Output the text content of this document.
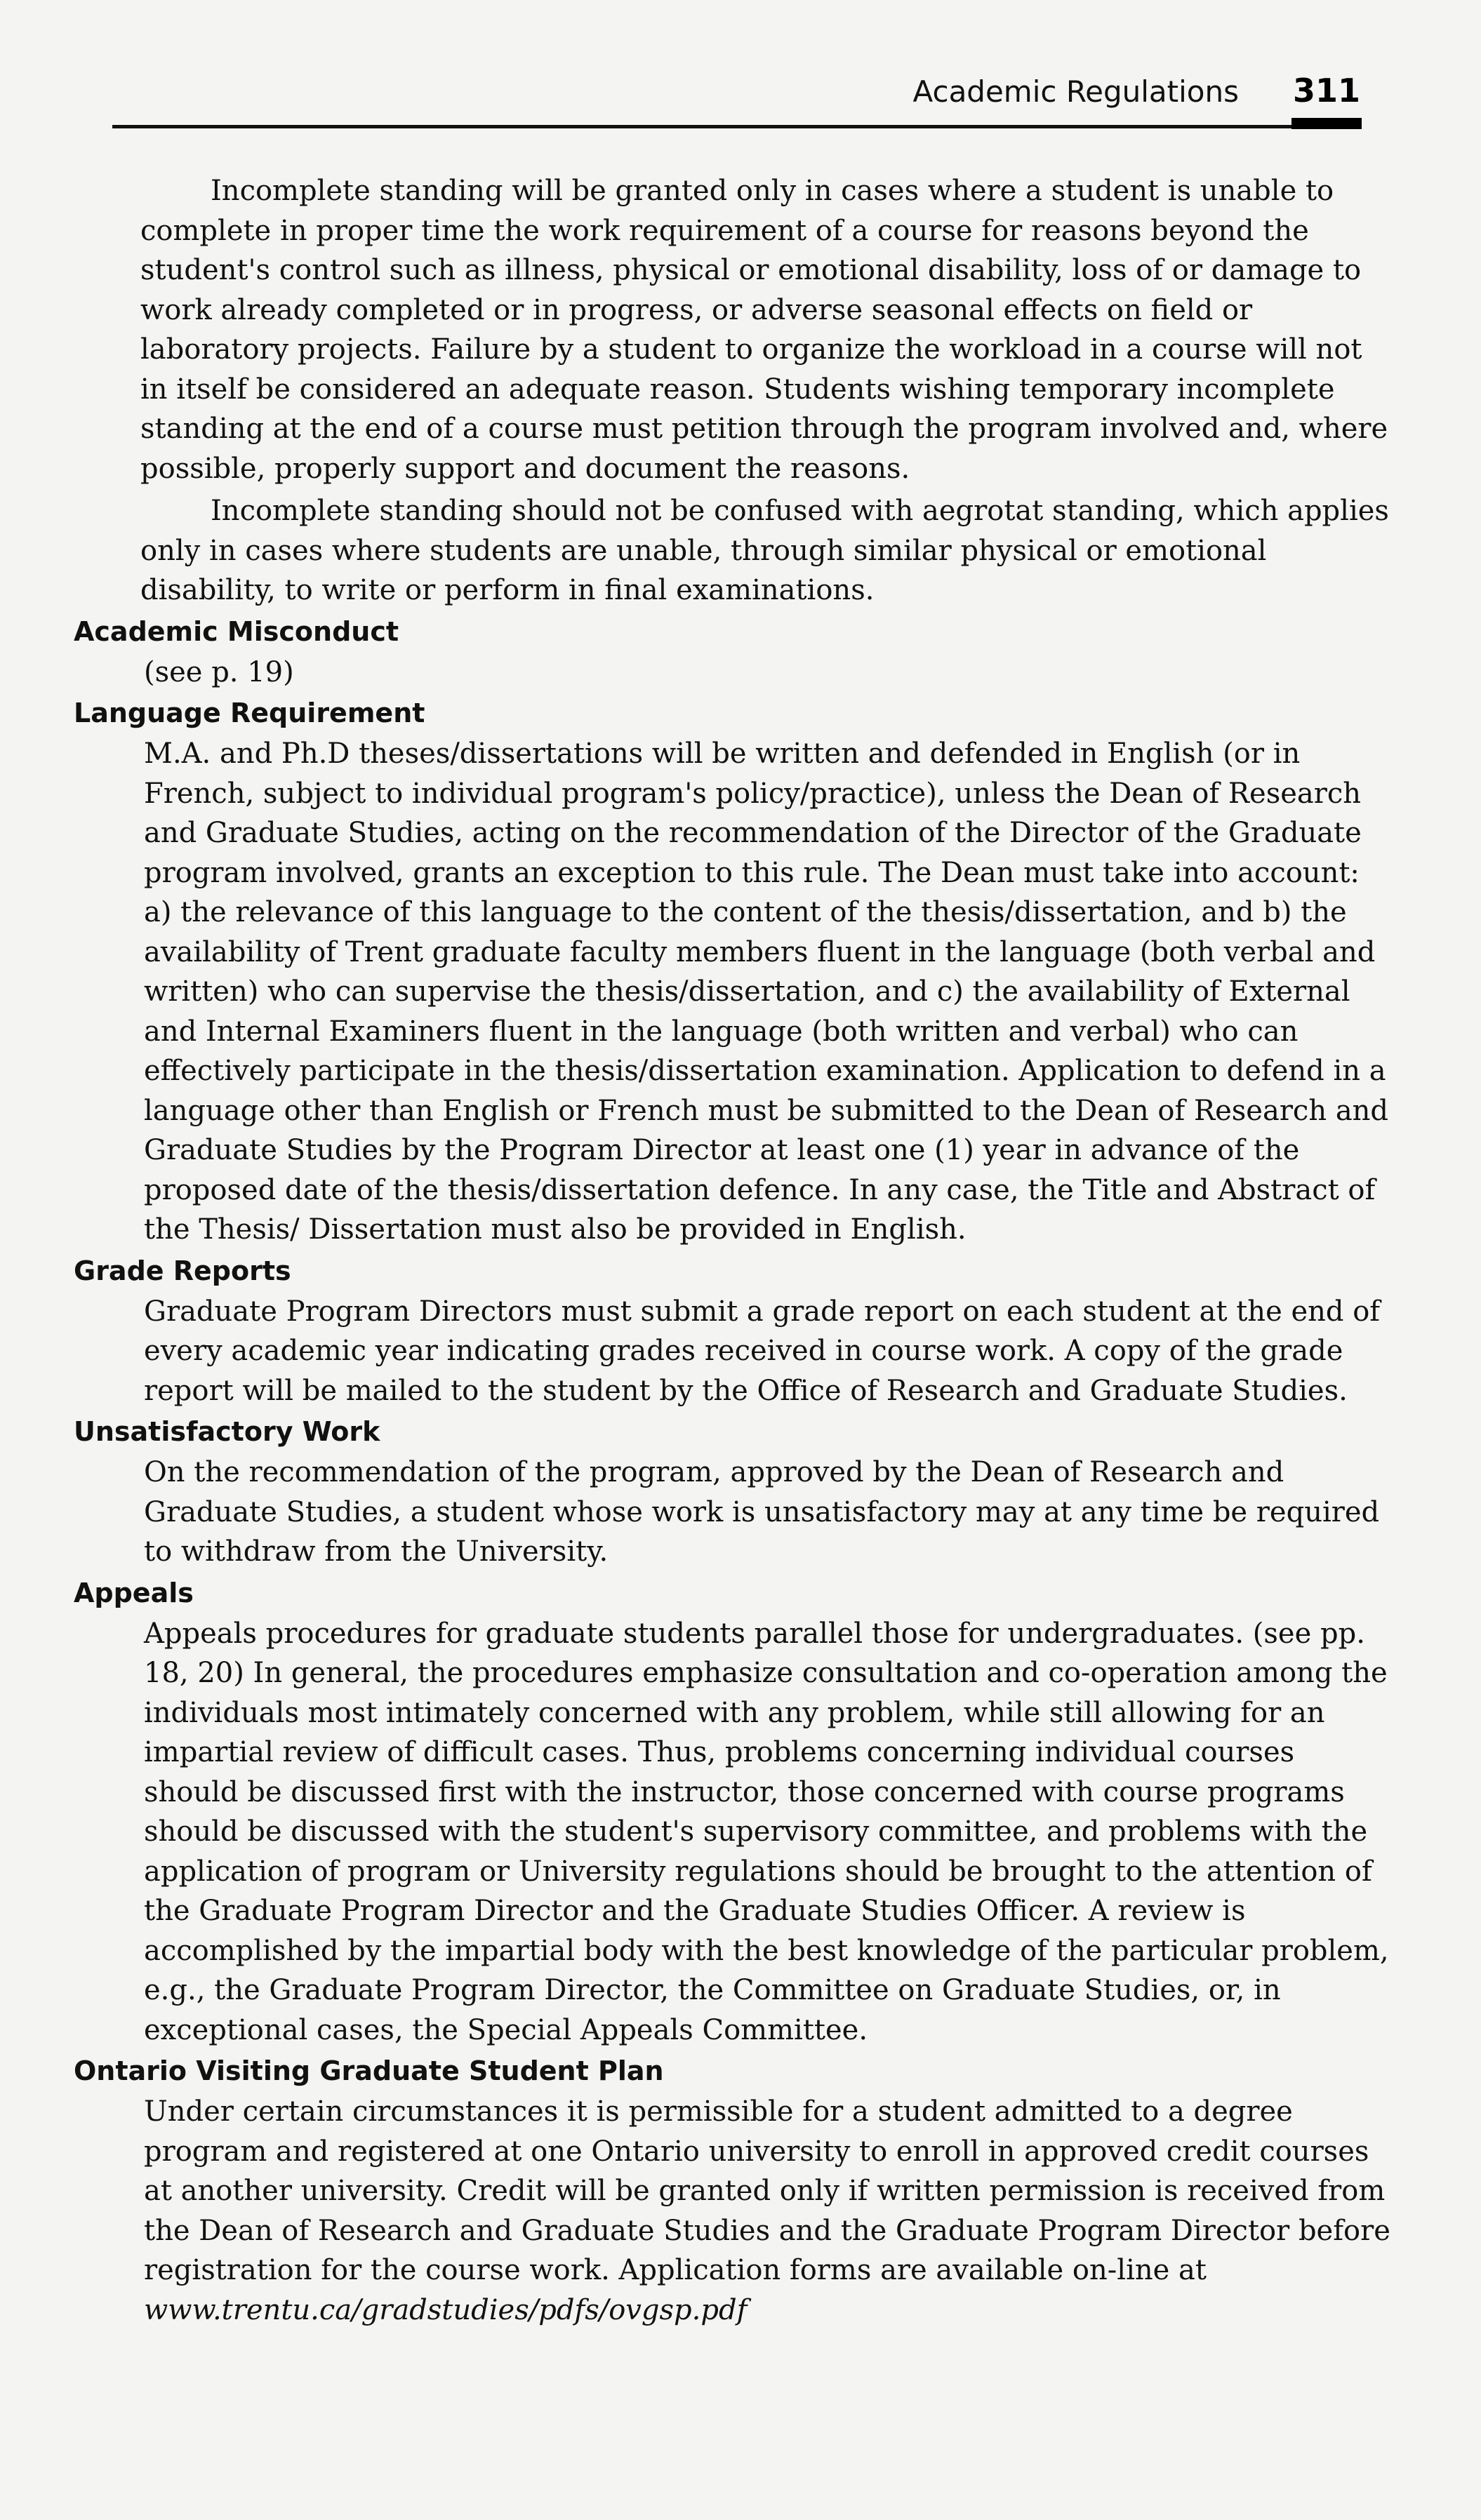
Academic Regulations 311

Incomplete standing will be granted only in cases where a student is unable to complete in proper time the work requirement of a course for reasons beyond the student's control such as illness, physical or emotional disability, loss of or damage to work already completed or in progress, or adverse seasonal effects on field or laboratory projects. Failure by a student to organize the workload in a course will not in itself be considered an adequate reason. Students wishing temporary incomplete standing at the end of a course must petition through the program involved and, where possible, properly support and document the reasons.

Incomplete standing should not be confused with aegrotat standing, which applies only in cases where students are unable, through similar physical or emotional disability, to write or perform in final examinations.

Academic Misconduct

(see p. 19)

Language Requirement

M.A. and Ph.D theses/dissertations will be written and defended in English (or in French, subject to individual program's policy/practice), unless the Dean of Research and Graduate Studies, acting on the recommendation of the Director of the Graduate program involved, grants an exception to this rule. The Dean must take into account: a) the relevance of this language to the content of the thesis/dissertation, and b) the availability of Trent graduate faculty members fluent in the language (both verbal and written) who can supervise the thesis/dissertation, and c) the availability of External and Internal Examiners fluent in the language (both written and verbal) who can effectively participate in the thesis/dissertation examination. Application to defend in a language other than English or French must be submitted to the Dean of Research and Graduate Studies by the Program Director at least one (1) year in advance of the proposed date of the thesis/dissertation defence. In any case, the Title and Abstract of the Thesis/ Dissertation must also be provided in English.

Grade Reports

Graduate Program Directors must submit a grade report on each student at the end of every academic year indicating grades received in course work. A copy of the grade report will be mailed to the student by the Office of Research and Graduate Studies.

Unsatisfactory Work

On the recommendation of the program, approved by the Dean of Research and Graduate Studies, a student whose work is unsatisfactory may at any time be required to withdraw from the University.

Appeals

Appeals procedures for graduate students parallel those for undergraduates. (see pp. 18, 20) In general, the procedures emphasize consultation and co-operation among the individuals most intimately concerned with any problem, while still allowing for an impartial review of difficult cases. Thus, problems concerning individual courses should be discussed first with the instructor, those concerned with course programs should be discussed with the student's supervisory committee, and problems with the application of program or University regulations should be brought to the attention of the Graduate Program Director and the Graduate Studies Officer. A review is accomplished by the impartial body with the best knowledge of the particular problem, e.g., the Graduate Program Director, the Committee on Graduate Studies, or, in exceptional cases, the Special Appeals Committee.

Ontario Visiting Graduate Student Plan

Under certain circumstances it is permissible for a student admitted to a degree program and registered at one Ontario university to enroll in approved credit courses at another university. Credit will be granted only if written permission is received from the Dean of Research and Graduate Studies and the Graduate Program Director before registration for the course work. Application forms are available on-line at
www.trentu.ca/gradstudies/pdfs/ovgsp.pdf
